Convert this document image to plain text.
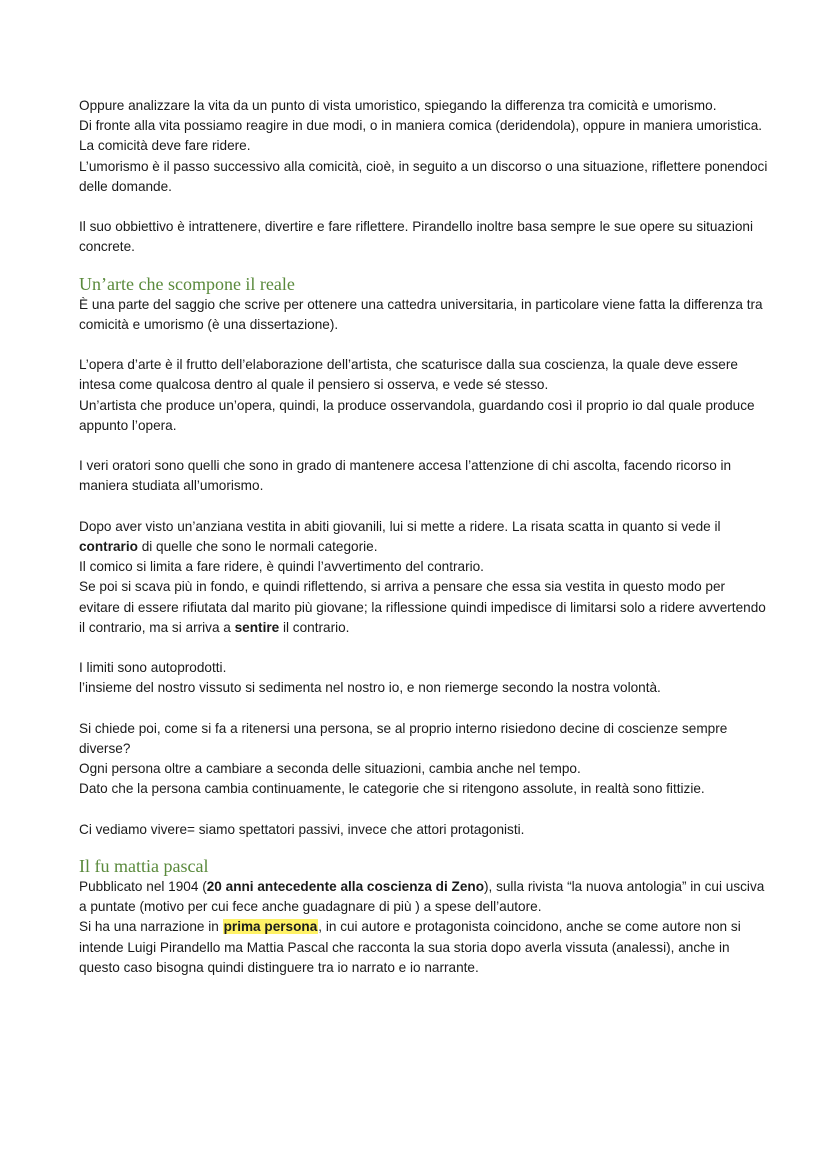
Oppure analizzare la vita da un punto di vista umoristico, spiegando la differenza tra comicità e umorismo.

Di fronte alla vita possiamo reagire in due modi, o in maniera comica (deridendola), oppure in maniera umoristica.

La comicità deve fare ridere.

L’umorismo è il passo successivo alla comicità, cioè, in seguito a un discorso o una situazione, riflettere ponendoci delle domande.

Il suo obbiettivo è intrattenere, divertire e fare riflettere. Pirandello inoltre basa sempre le sue opere su situazioni concrete.

Un’arte che scompone il reale

È una parte del saggio che scrive per ottenere una cattedra universitaria, in particolare viene fatta la differenza tra comicità e umorismo (è una dissertazione).

L’opera d’arte è il frutto dell’elaborazione dell’artista, che scaturisce dalla sua coscienza, la quale deve essere intesa come qualcosa dentro al quale il pensiero si osserva, e vede sé stesso.

Un’artista che produce un’opera, quindi, la produce osservandola, guardando così il proprio io dal quale produce appunto l’opera.

I veri oratori sono quelli che sono in grado di mantenere accesa l’attenzione di chi ascolta, facendo ricorso in maniera studiata all’umorismo.

Dopo aver visto un’anziana vestita in abiti giovanili, lui si mette a ridere. La risata scatta in quanto si vede il contrario di quelle che sono le normali categorie.

Il comico si limita a fare ridere, è quindi l’avvertimento del contrario.

Se poi si scava più in fondo, e quindi riflettendo, si arriva a pensare che essa sia vestita in questo modo per evitare di essere rifiutata dal marito più giovane; la riflessione quindi impedisce di limitarsi solo a ridere avvertendo il contrario, ma si arriva a sentire il contrario.

I limiti sono autoprodotti.

l’insieme del nostro vissuto si sedimenta nel nostro io, e non riemerge secondo la nostra volontà.

Si chiede poi, come si fa a ritenersi una persona, se al proprio interno risiedono decine di coscienze sempre diverse?

Ogni persona oltre a cambiare a seconda delle situazioni, cambia anche nel tempo.

Dato che la persona cambia continuamente, le categorie che si ritengono assolute, in realtà sono fittizie.

Ci vediamo vivere= siamo spettatori passivi, invece che attori protagonisti.

Il fu mattia pascal

Pubblicato nel 1904 (20 anni antecedente alla coscienza di Zeno), sulla rivista “la nuova antologia” in cui usciva a puntate (motivo per cui fece anche guadagnare di più ) a spese dell’autore.

Si ha una narrazione in prima persona, in cui autore e protagonista coincidono, anche se come autore non si intende Luigi Pirandello ma Mattia Pascal che racconta la sua storia dopo averla vissuta (analessi), anche in questo caso bisogna quindi distinguere tra io narrato e io narrante.
